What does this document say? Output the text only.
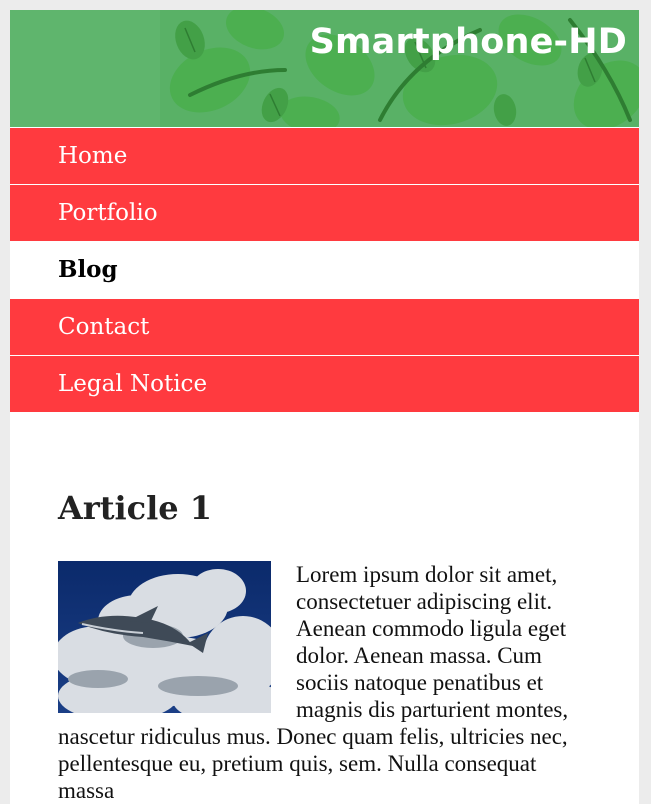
Smartphone-HD
Home
Portfolio
Blog
Contact
Legal Notice
Article 1
Lorem ipsum dolor sit amet, consectetuer adipiscing elit. Aenean commodo ligula eget dolor. Aenean massa. Cum sociis natoque penatibus et magnis dis parturient montes, nascetur ridiculus mus. Donec quam felis, ultricies nec, pellentesque eu, pretium quis, sem. Nulla consequat massa
